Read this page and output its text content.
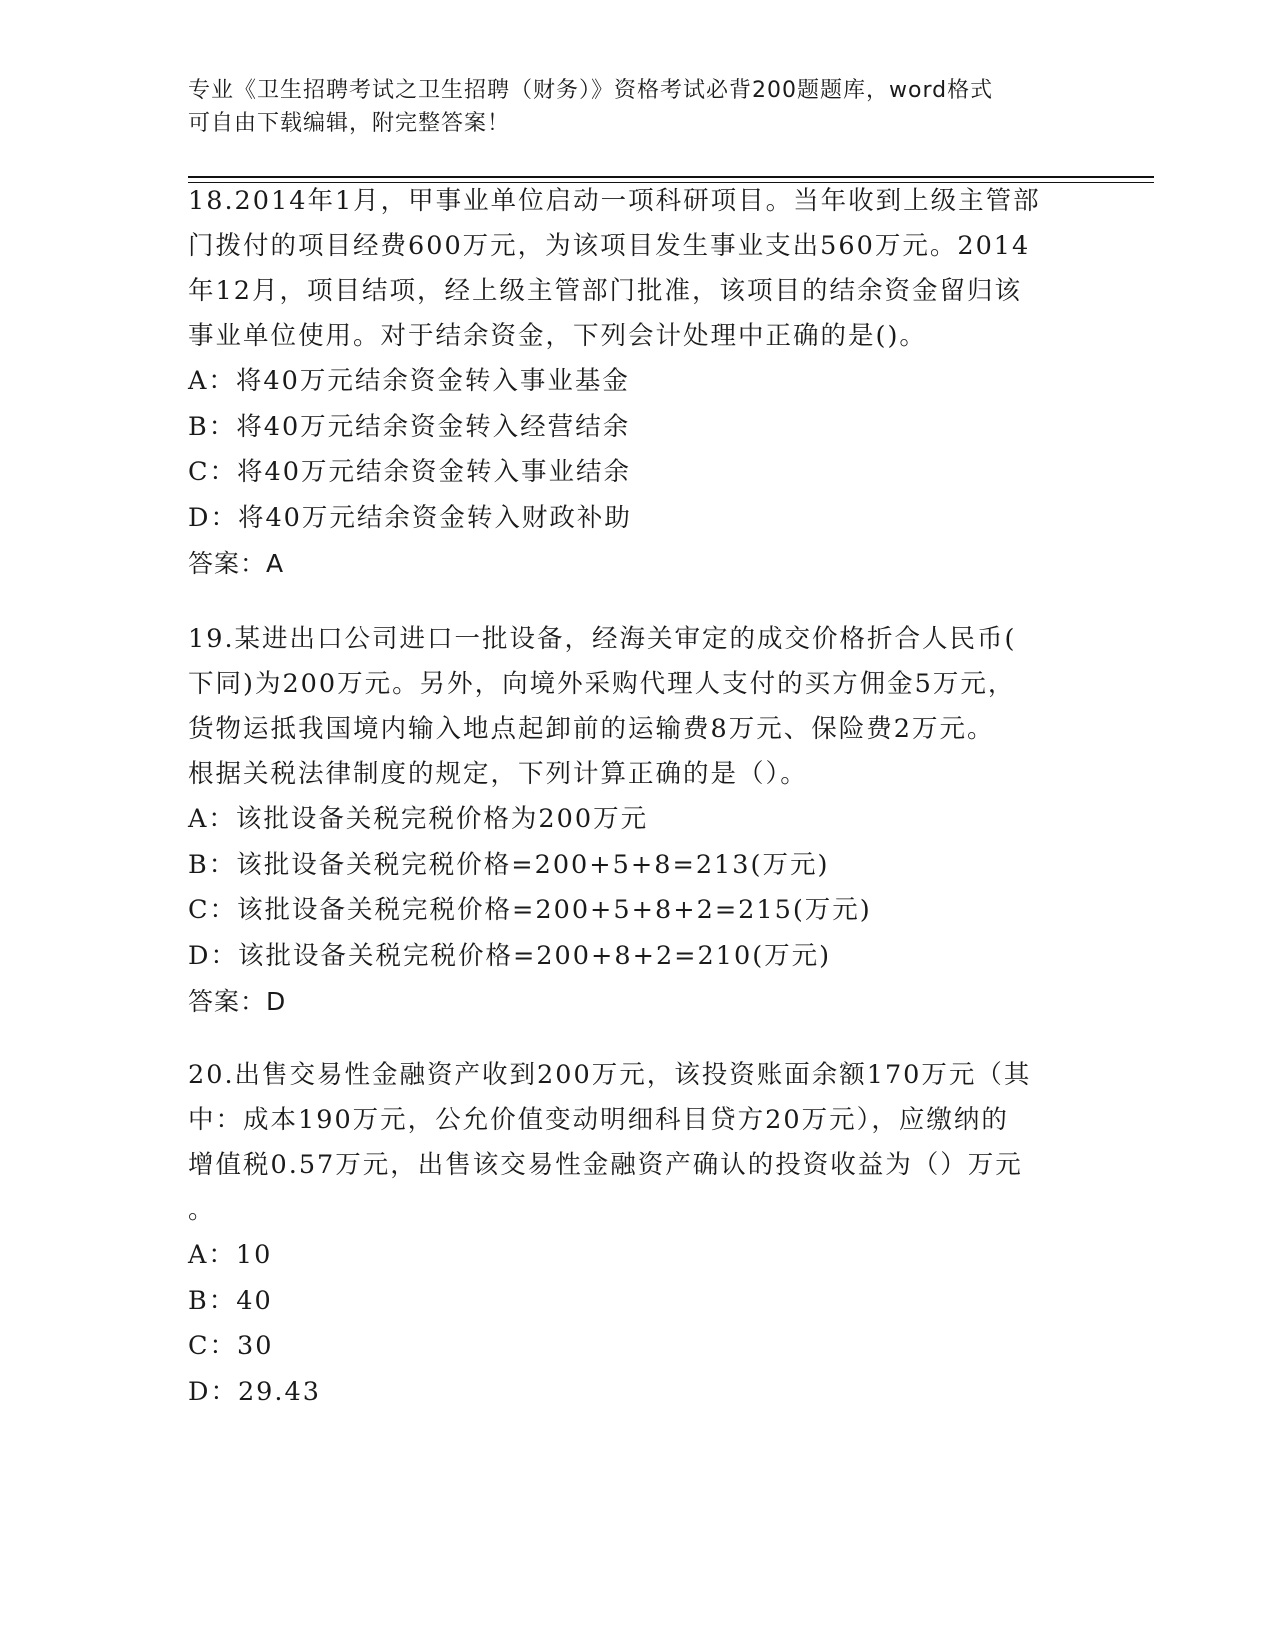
专业《卫生招聘考试之卫生招聘（财务）》资格考试必背200题题库，word格式
可自由下载编辑，附完整答案！
18.2014年1月，甲事业单位启动一项科研项目。当年收到上级主管部
门拨付的项目经费600万元，为该项目发生事业支出560万元。2014
年12月，项目结项，经上级主管部门批准，该项目的结余资金留归该
事业单位使用。对于结余资金，下列会计处理中正确的是()。
A：将40万元结余资金转入事业基金
B：将40万元结余资金转入经营结余
C：将40万元结余资金转入事业结余
D：将40万元结余资金转入财政补助
答案：A
19.某进出口公司进口一批设备，经海关审定的成交价格折合人民币(
下同)为200万元。另外，向境外采购代理人支付的买方佣金5万元，
货物运抵我国境内输入地点起卸前的运输费8万元、保险费2万元。
根据关税法律制度的规定，下列计算正确的是（）。
A：该批设备关税完税价格为200万元
B：该批设备关税完税价格=200+5+8=213(万元)
C：该批设备关税完税价格=200+5+8+2=215(万元)
D：该批设备关税完税价格=200+8+2=210(万元)
答案：D
20.出售交易性金融资产收到200万元，该投资账面余额170万元（其
中：成本190万元，公允价值变动明细科目贷方20万元），应缴纳的
增值税0.57万元，出售该交易性金融资产确认的投资收益为（）万元
。
A：10
B：40
C：30
D：29.43
